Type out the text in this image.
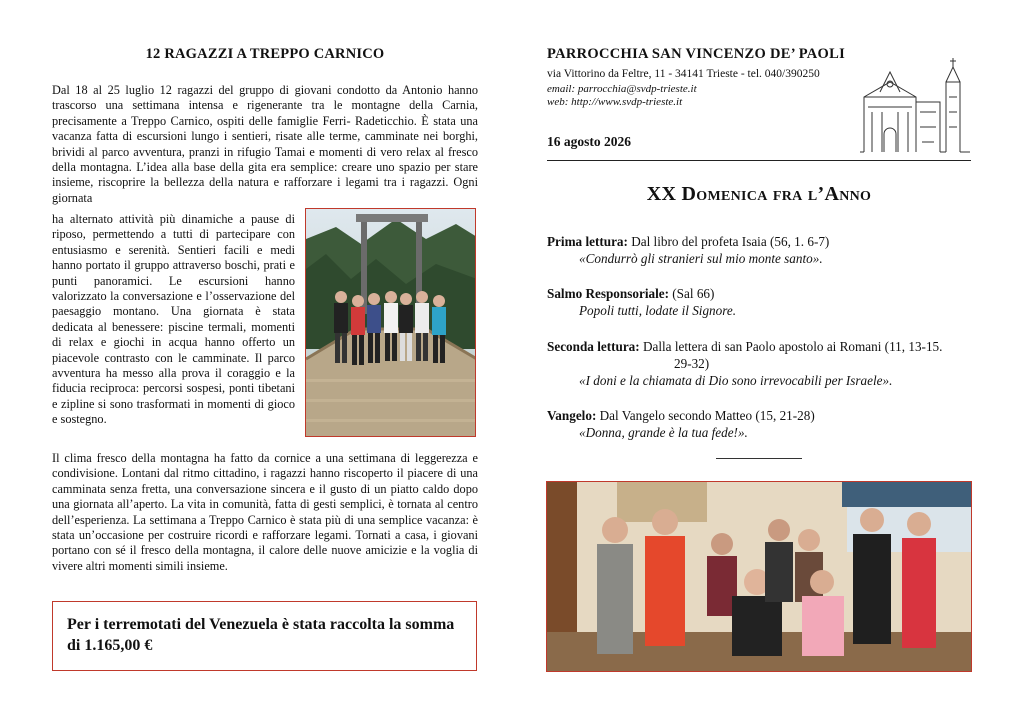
12 RAGAZZI A TREPPO CARNICO

Dal 18 al 25 luglio 12 ragazzi del gruppo di giovani condotto da Antonio hanno trascorso una settimana intensa e rigenerante tra le montagne della Carnia, precisamente a Treppo Carnico, ospiti delle famiglie Ferri- Radeticchio. È stata una vacanza fatta di escursioni lungo i sentieri, risate alle terme, camminate nei borghi, brividi al parco avventura, pranzi in rifugio Tamai e momenti di vero relax al fresco della montagna. L’idea alla base della gita era semplice: creare uno spazio per stare insieme, riscoprire la bellezza della natura e rafforzare i legami tra i ragazzi. Ogni giornata

ha alternato attività più dinamiche a pause di riposo, permettendo a tutti di partecipare con entusiasmo e serenità. Sentieri facili e medi hanno portato il gruppo attraverso boschi, prati e punti panoramici. Le escursioni hanno valorizzato la conversazione e l’osservazione del paesaggio montano. Una giornata è stata dedicata al benessere: piscine termali, momenti di relax e giochi in acqua hanno offerto un piacevole contrasto con le camminate. Il parco avventura ha messo alla prova il coraggio e la fiducia reciproca: percorsi sospesi, ponti tibetani e zipline si sono trasformati in momenti di gioco e sostegno.

Il clima fresco della montagna ha fatto da cornice a una settimana di leggerezza e condivisione. Lontani dal ritmo cittadino, i ragazzi hanno riscoperto il piacere di una camminata senza fretta, una conversazione sincera e il gusto di un piatto caldo dopo una giornata all’aperto. La vita in comunità, fatta di gesti semplici, è tornata al centro dell’esperienza. La settimana a Treppo Carnico è stata più di una semplice vacanza: è stata un’occasione per costruire ricordi e rafforzare legami. Tornati a casa, i giovani portano con sé il fresco della montagna, il calore delle nuove amicizie e la voglia di vivere altri momenti simili insieme.

Per i terremotati del Venezuela è stata raccolta la somma di 1.165,00 €
PARROCCHIA SAN VINCENZO DE’ PAOLI
via Vittorino da Feltre, 11 - 34141 Trieste - tel. 040/390250
email: parrocchia@svdp-trieste.it
web: http://www.svdp-trieste.it
16 agosto 2026
XX Domenica fra l’Anno
Prima lettura: Dal libro del profeta Isaia (56, 1. 6-7)
«Condurrò gli stranieri sul mio monte santo».
Salmo Responsoriale: (Sal 66)
Popoli tutti, lodate il Signore.
Seconda lettura: Dalla lettera di san Paolo apostolo ai Romani (11, 13-15.
29-32)
«I doni e la chiamata di Dio sono irrevocabili per Israele».
Vangelo: Dal Vangelo secondo Matteo (15, 21-28)
«Donna, grande è la tua fede!».
